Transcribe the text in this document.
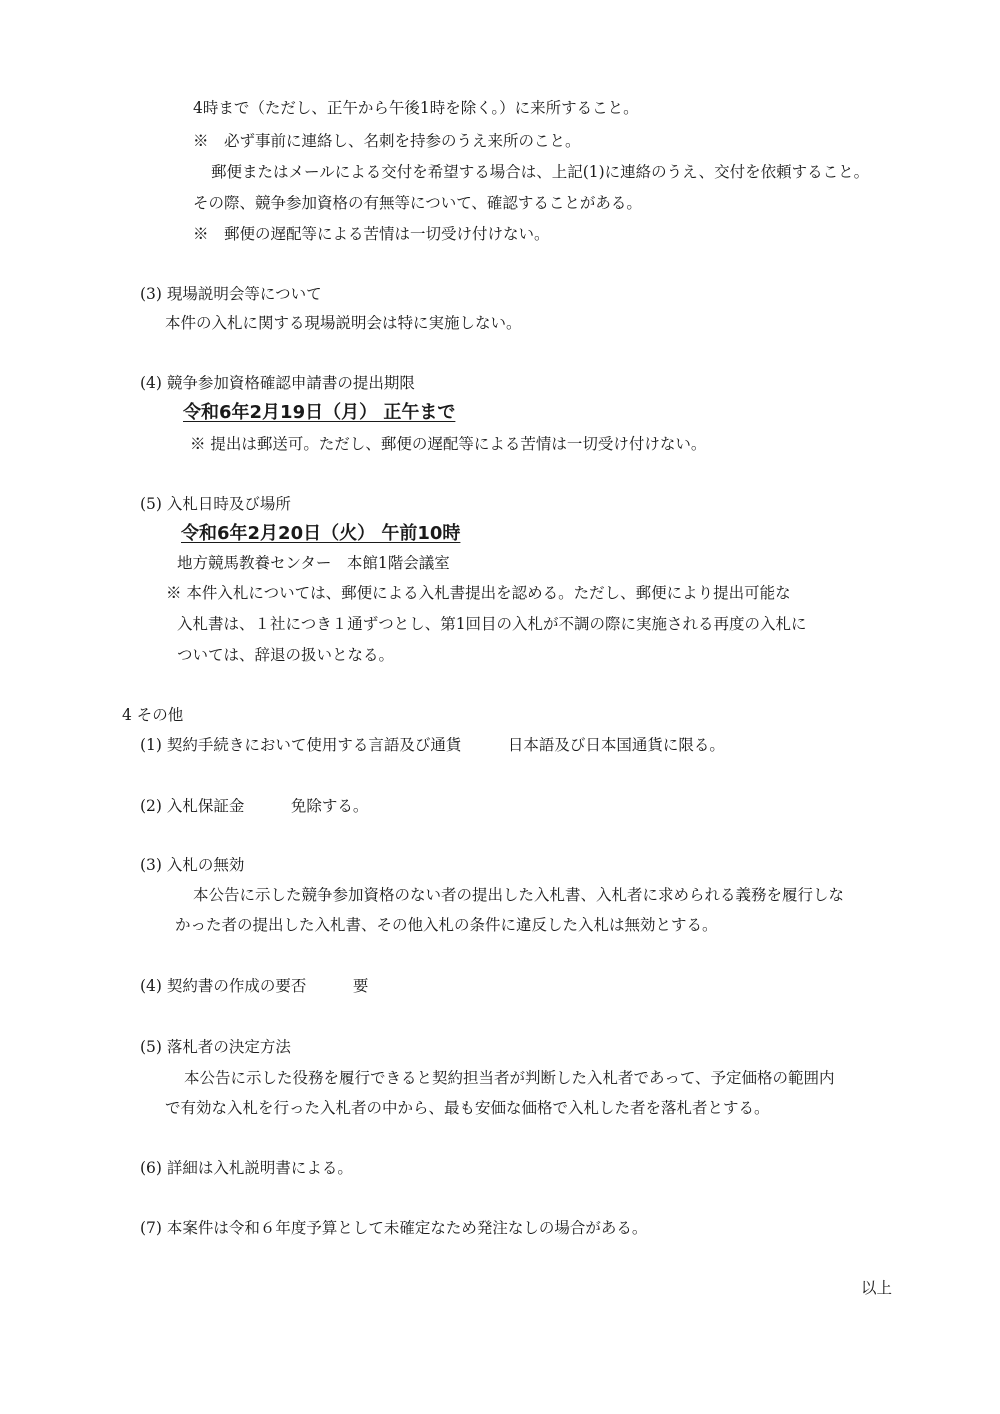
4時まで（ただし、正午から午後1時を除く。）に来所すること。
※　必ず事前に連絡し、名刺を持参のうえ来所のこと。
郵便またはメールによる交付を希望する場合は、上記(1)に連絡のうえ、交付を依頼すること。
その際、競争参加資格の有無等について、確認することがある。
※　郵便の遅配等による苦情は一切受け付けない。
(3) 現場説明会等について
本件の入札に関する現場説明会は特に実施しない。
(4) 競争参加資格確認申請書の提出期限
令和6年2月19日（月） 正午まで
※ 提出は郵送可。ただし、郵便の遅配等による苦情は一切受け付けない。
(5) 入札日時及び場所
令和6年2月20日（火） 午前10時
地方競馬教養センター　本館1階会議室
※ 本件入札については、郵便による入札書提出を認める。ただし、郵便により提出可能な
入札書は、１社につき１通ずつとし、第1回目の入札が不調の際に実施される再度の入札に
ついては、辞退の扱いとなる。
4 その他
(1) 契約手続きにおいて使用する言語及び通貨　　　日本語及び日本国通貨に限る。
(2) 入札保証金　　　免除する。
(3) 入札の無効
本公告に示した競争参加資格のない者の提出した入札書、入札者に求められる義務を履行しな
かった者の提出した入札書、その他入札の条件に違反した入札は無効とする。
(4) 契約書の作成の要否　　　要
(5) 落札者の決定方法
本公告に示した役務を履行できると契約担当者が判断した入札者であって、予定価格の範囲内
で有効な入札を行った入札者の中から、最も安価な価格で入札した者を落札者とする。
(6) 詳細は入札説明書による。
(7) 本案件は令和６年度予算として未確定なため発注なしの場合がある。
以上
